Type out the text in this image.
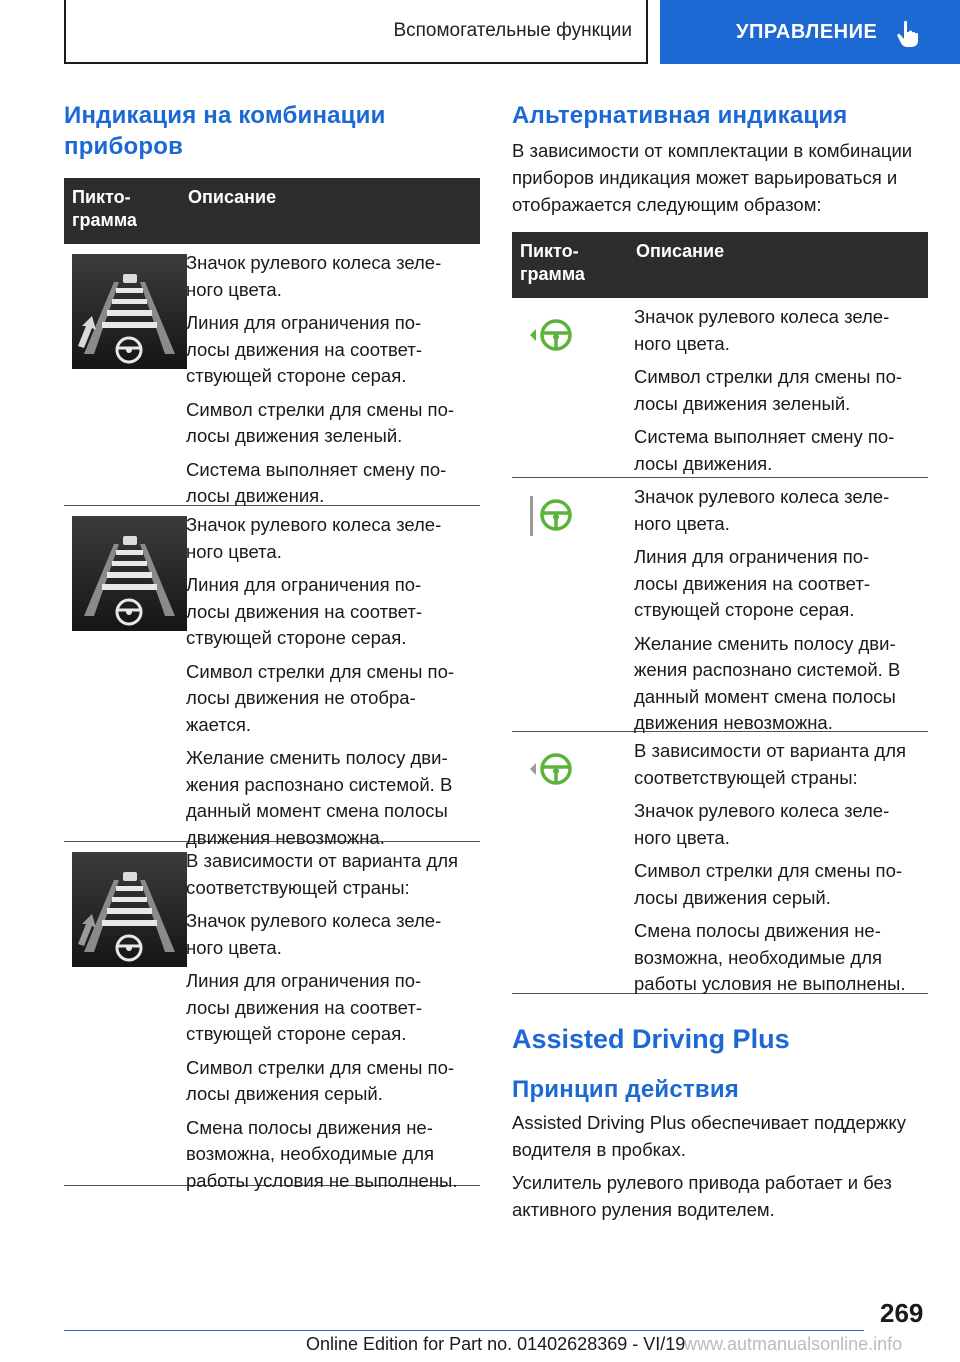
Вспомогательные функции	УПРАВЛЕНИЕ
Индикация на комбинации приборов
Пикто-
грамма
Описание

Значок рулевого колеса зеле-
ного цвета.

Линия для ограничения по-
лосы движения на соответ-
ствующей стороне серая.

Символ стрелки для смены по-
лосы движения зеленый.

Система выполняет смену по-
лосы движения.

Значок рулевого колеса зеле-
ного цвета.

Линия для ограничения по-
лосы движения на соответ-
ствующей стороне серая.

Символ стрелки для смены по-
лосы движения не отобра-
жается.

Желание сменить полосу дви-
жения распознано системой. В
данный момент смена полосы
движения невозможна.

В зависимости от варианта для
соответствующей страны:

Значок рулевого колеса зеле-
ного цвета.

Линия для ограничения по-
лосы движения на соответ-
ствующей стороне серая.

Символ стрелки для смены по-
лосы движения серый.

Смена полосы движения не-
возможна, необходимые для
работы условия не выполнены.

Альтернативная индикация

В зависимости от комплектации в комбинации
приборов индикация может варьироваться и
отображается следующим образом:

Пикто-
грамма
Описание

Значок рулевого колеса зеле-
ного цвета.

Символ стрелки для смены по-
лосы движения зеленый.

Система выполняет смену по-
лосы движения.

Значок рулевого колеса зеле-
ного цвета.

Линия для ограничения по-
лосы движения на соответ-
ствующей стороне серая.

Желание сменить полосу дви-
жения распознано системой. В
данный момент смена полосы
движения невозможна.

В зависимости от варианта для
соответствующей страны:

Значок рулевого колеса зеле-
ного цвета.

Символ стрелки для смены по-
лосы движения серый.

Смена полосы движения не-
возможна, необходимые для
работы условия не выполнены.

Assisted Driving Plus
Принцип действия

Assisted Driving Plus обеспечивает поддержку
водителя в пробках.

Усилитель рулевого привода работает и без
активного руления водителем.

269
Online Edition for Part no. 01402628369 - VI/19
www.autmanualsonline.info
